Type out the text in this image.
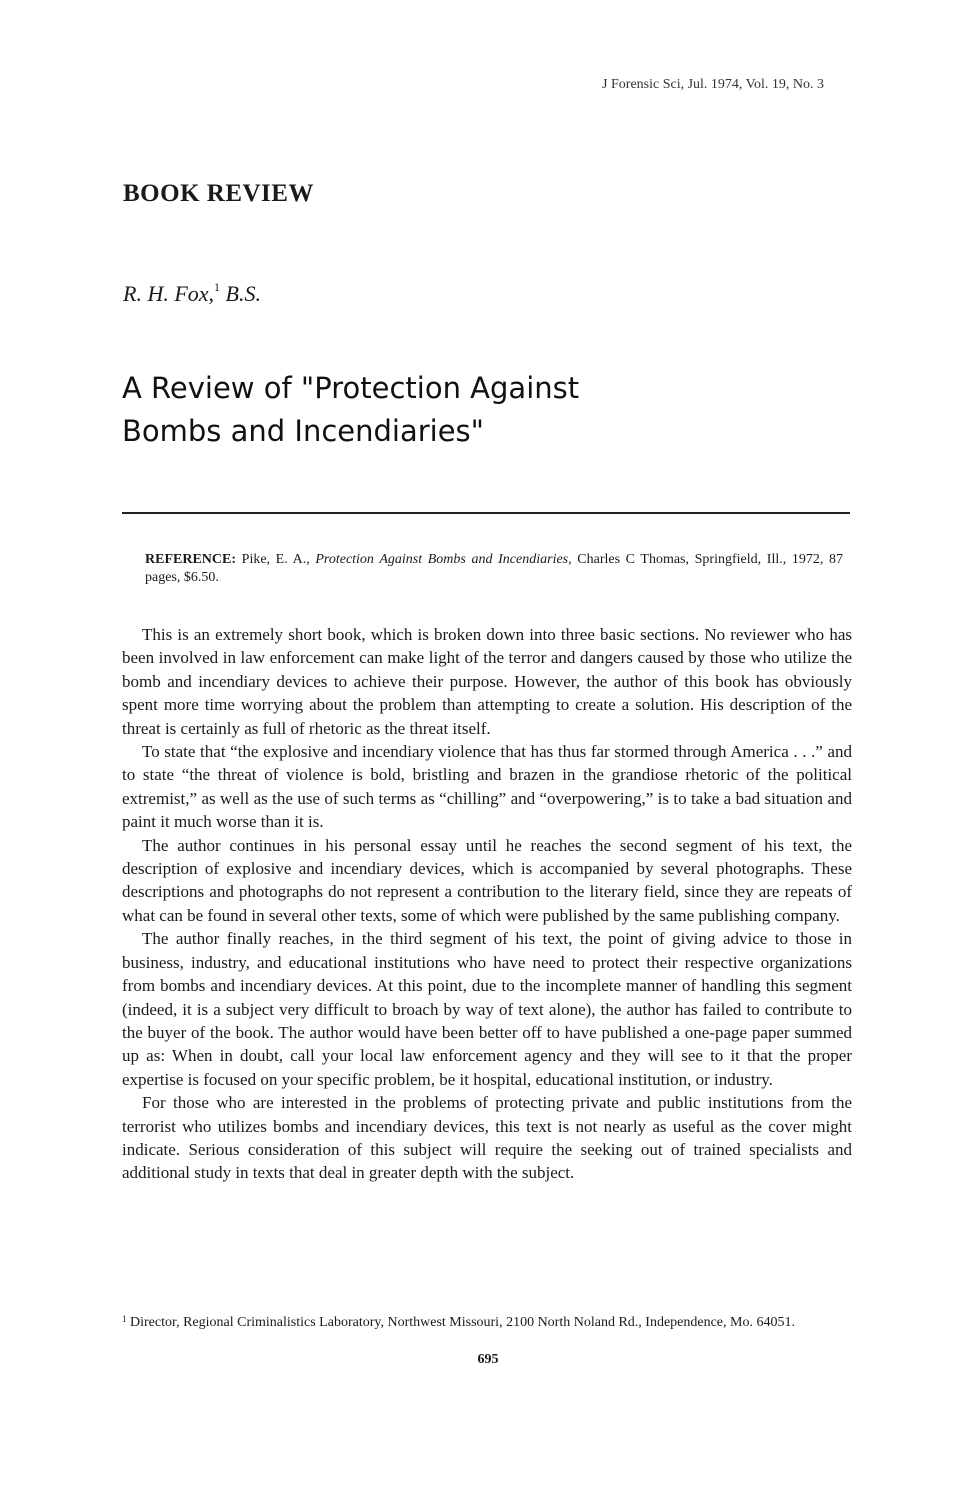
J Forensic Sci, Jul. 1974, Vol. 19, No. 3
BOOK REVIEW
R. H. Fox,$^1$ B.S.
A Review of "Protection Against
Bombs and Incendiaries"

REFERENCE: Pike, E. A., Protection Against Bombs and Incendiaries, Charles C Thomas, Springfield, Ill., 1972, 87 pages, $6.50.

This is an extremely short book, which is broken down into three basic sections. No reviewer who has been involved in law enforcement can make light of the terror and dangers caused by those who utilize the bomb and incendiary devices to achieve their purpose. However, the author of this book has obviously spent more time worrying about the problem than attempting to create a solution. His description of the threat is certainly as full of rhetoric as the threat itself.

To state that “the explosive and incendiary violence that has thus far stormed through America . . .” and to state “the threat of violence is bold, bristling and brazen in the grandiose rhetoric of the political extremist,” as well as the use of such terms as “chilling” and “overpowering,” is to take a bad situation and paint it much worse than it is.

The author continues in his personal essay until he reaches the second segment of his text, the description of explosive and incendiary devices, which is accompanied by several photographs. These descriptions and photographs do not represent a contribution to the literary field, since they are repeats of what can be found in several other texts, some of which were published by the same publishing company.

The author finally reaches, in the third segment of his text, the point of giving advice to those in business, industry, and educational institutions who have need to protect their respective organizations from bombs and incendiary devices. At this point, due to the incomplete manner of handling this segment (indeed, it is a subject very difficult to broach by way of text alone), the author has failed to contribute to the buyer of the book. The author would have been better off to have published a one-page paper summed up as: When in doubt, call your local law enforcement agency and they will see to it that the proper expertise is focused on your specific problem, be it hospital, educational institution, or industry.

For those who are interested in the problems of protecting private and public institutions from the terrorist who utilizes bombs and incendiary devices, this text is not nearly as useful as the cover might indicate. Serious consideration of this subject will require the seeking out of trained specialists and additional study in texts that deal in greater depth with the subject.

$^1$ Director, Regional Criminalistics Laboratory, Northwest Missouri, 2100 North Noland Rd., Independence, Mo. 64051.

695
